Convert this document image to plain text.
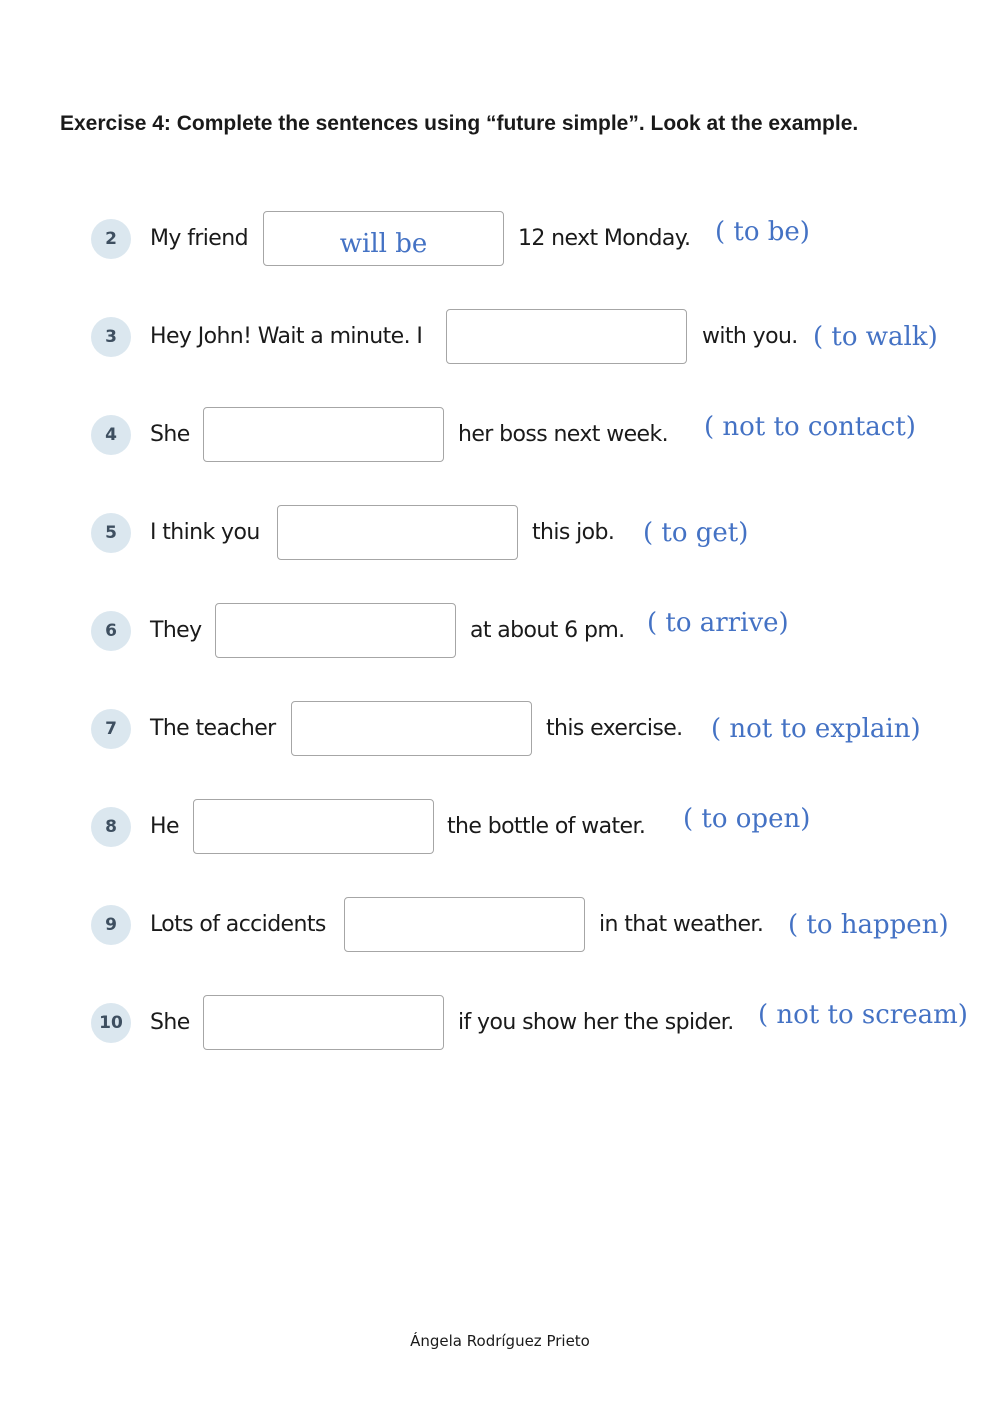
Exercise 4: Complete the sentences using “future simple”. Look at the example.

2	My friend	will be	12 next Monday. ( to be)
3	Hey John! Wait a minute. I	with you. ( to walk)
4	She	her boss next week. ( not to contact)
5	I think you	this job. ( to get)
6	They	at about 6 pm. ( to arrive)
7	The teacher	this exercise. ( not to explain)
8	He	the bottle of water. ( to open)
9	Lots of accidents	in that weather. ( to happen)
10	She	if you show her the spider. ( not to scream)
Ángela Rodríguez Prieto
